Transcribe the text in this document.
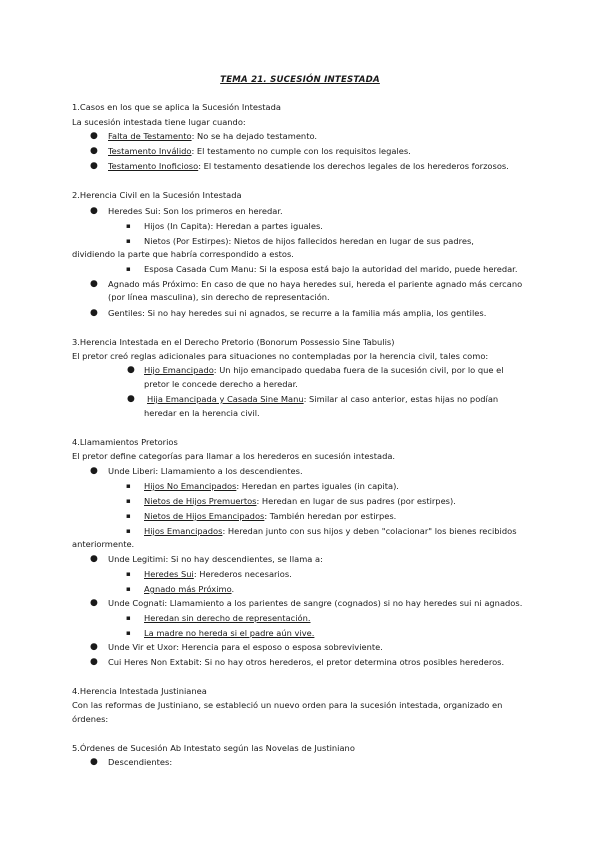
TEMA 21. SUCESIÓN INTESTADA
1.Casos en los que se aplica la Sucesión Intestada
La sucesión intestada tiene lugar cuando:
● Falta de Testamento: No se ha dejado testamento.
● Testamento Inválido: El testamento no cumple con los requisitos legales.
● Testamento Inoficioso: El testamento desatiende los derechos legales de los herederos forzosos.
2.Herencia Civil en la Sucesión Intestada
● Heredes Sui: Son los primeros en heredar.
▪ Hijos (In Capita): Heredan a partes iguales.
▪ Nietos (Por Estirpes): Nietos de hijos fallecidos heredan en lugar de sus padres,
dividiendo la parte que habría correspondido a estos.
▪ Esposa Casada Cum Manu: Si la esposa está bajo la autoridad del marido, puede heredar.
● Agnado más Próximo: En caso de que no haya heredes sui, hereda el pariente agnado más cercano
(por línea masculina), sin derecho de representación.
● Gentiles: Si no hay heredes sui ni agnados, se recurre a la familia más amplia, los gentiles.
3.Herencia Intestada en el Derecho Pretorio (Bonorum Possessio Sine Tabulis)
El pretor creó reglas adicionales para situaciones no contempladas por la herencia civil, tales como:
● Hijo Emancipado: Un hijo emancipado quedaba fuera de la sucesión civil, por lo que el
pretor le concede derecho a heredar.
● Hija Emancipada y Casada Sine Manu: Similar al caso anterior, estas hijas no podían
heredar en la herencia civil.
4.Llamamientos Pretorios
El pretor define categorías para llamar a los herederos en sucesión intestada.
● Unde Liberi: Llamamiento a los descendientes.
▪ Hijos No Emancipados: Heredan en partes iguales (in capita).
▪ Nietos de Hijos Premuertos: Heredan en lugar de sus padres (por estirpes).
▪ Nietos de Hijos Emancipados: También heredan por estirpes.
▪ Hijos Emancipados: Heredan junto con sus hijos y deben "colacionar" los bienes recibidos
anteriormente.
● Unde Legitimi: Si no hay descendientes, se llama a:
▪ Heredes Sui: Herederos necesarios.
▪ Agnado más Próximo.
● Unde Cognati: Llamamiento a los parientes de sangre (cognados) si no hay heredes sui ni agnados.
▪ Heredan sin derecho de representación.
▪ La madre no hereda si el padre aún vive.
● Unde Vir et Uxor: Herencia para el esposo o esposa sobreviviente.
● Cui Heres Non Extabit: Si no hay otros herederos, el pretor determina otros posibles herederos.
4.Herencia Intestada Justinianea
Con las reformas de Justiniano, se estableció un nuevo orden para la sucesión intestada, organizado en
órdenes:
5.Órdenes de Sucesión Ab Intestato según las Novelas de Justiniano
● Descendientes:
